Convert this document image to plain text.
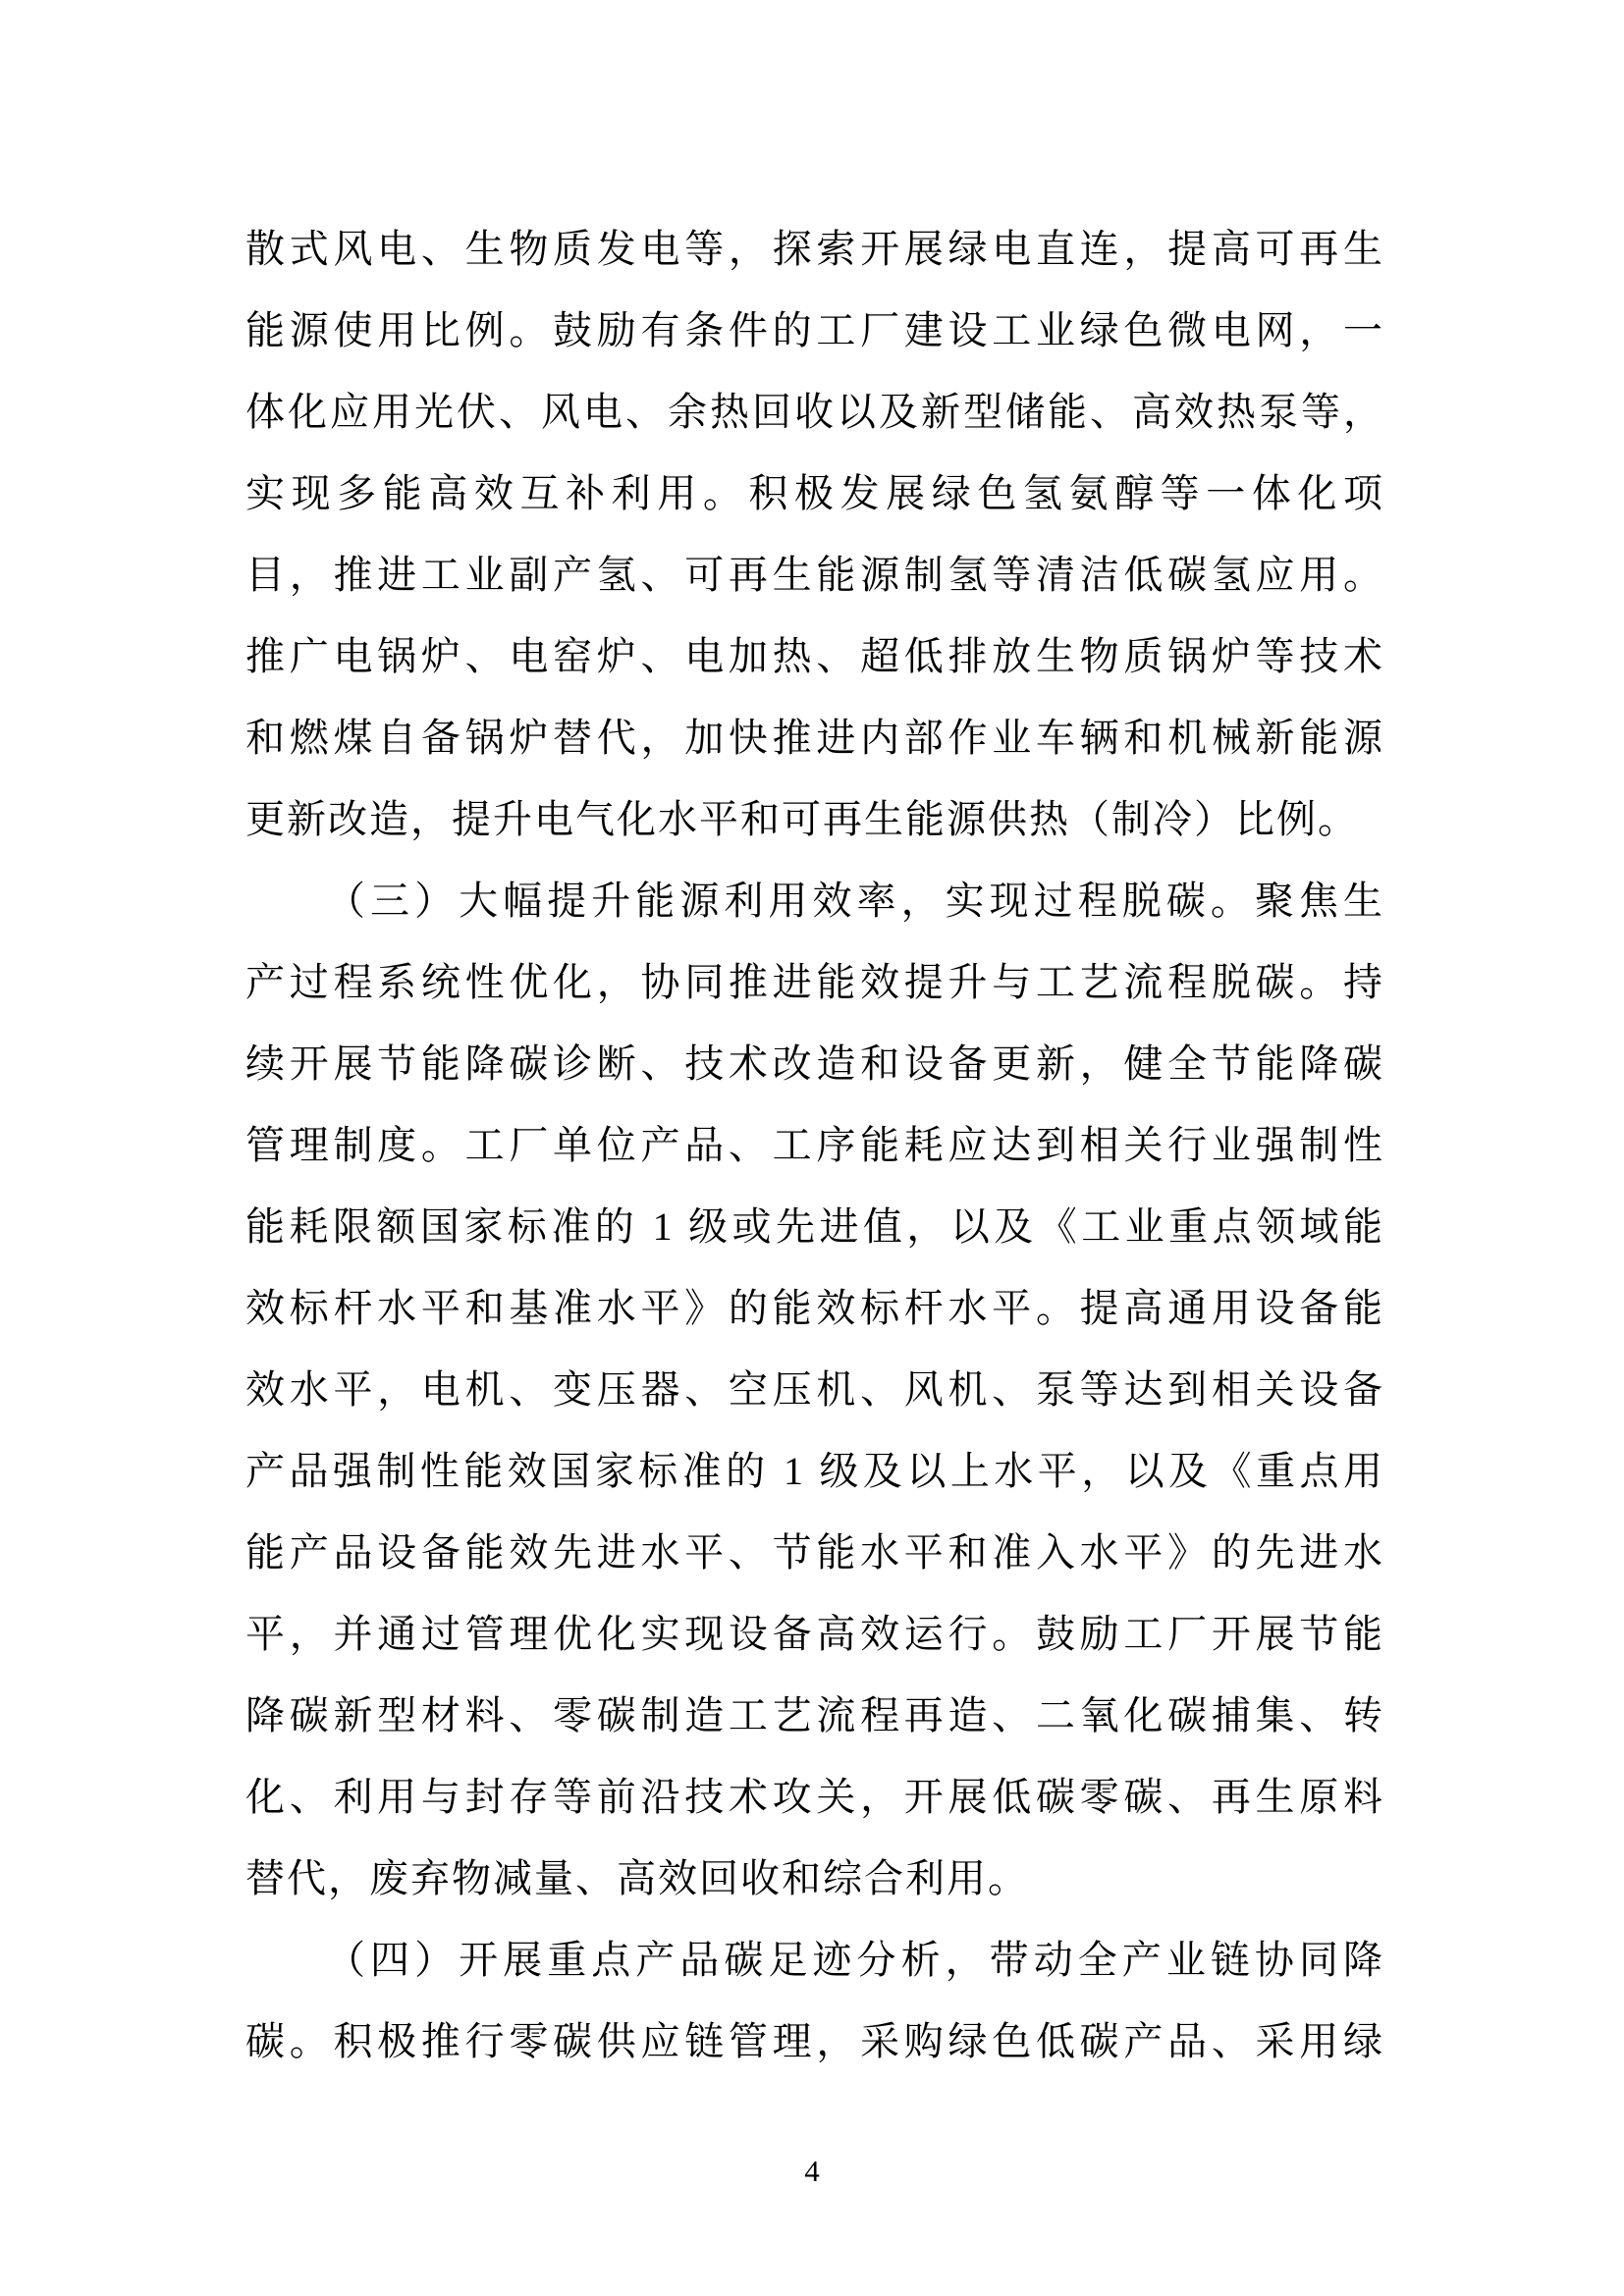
散式风电、生物质发电等，探索开展绿电直连，提高可再生
能源使用比例。鼓励有条件的工厂建设工业绿色微电网，一
体化应用光伏、风电、余热回收以及新型储能、高效热泵等，
实现多能高效互补利用。积极发展绿色氢氨醇等一体化项
目，推进工业副产氢、可再生能源制氢等清洁低碳氢应用。
推广电锅炉、电窑炉、电加热、超低排放生物质锅炉等技术
和燃煤自备锅炉替代，加快推进内部作业车辆和机械新能源
更新改造，提升电气化水平和可再生能源供热（制冷）比例。
（三）大幅提升能源利用效率，实现过程脱碳。聚焦生
产过程系统性优化，协同推进能效提升与工艺流程脱碳。持
续开展节能降碳诊断、技术改造和设备更新，健全节能降碳
管理制度。工厂单位产品、工序能耗应达到相关行业强制性
能耗限额国家标准的 1 级或先进值，以及《工业重点领域能
效标杆水平和基准水平》的能效标杆水平。提高通用设备能
效水平，电机、变压器、空压机、风机、泵等达到相关设备
产品强制性能效国家标准的 1 级及以上水平，以及《重点用
能产品设备能效先进水平、节能水平和准入水平》的先进水
平，并通过管理优化实现设备高效运行。鼓励工厂开展节能
降碳新型材料、零碳制造工艺流程再造、二氧化碳捕集、转
化、利用与封存等前沿技术攻关，开展低碳零碳、再生原料
替代，废弃物减量、高效回收和综合利用。
（四）开展重点产品碳足迹分析，带动全产业链协同降
碳。积极推行零碳供应链管理，采购绿色低碳产品、采用绿
4
